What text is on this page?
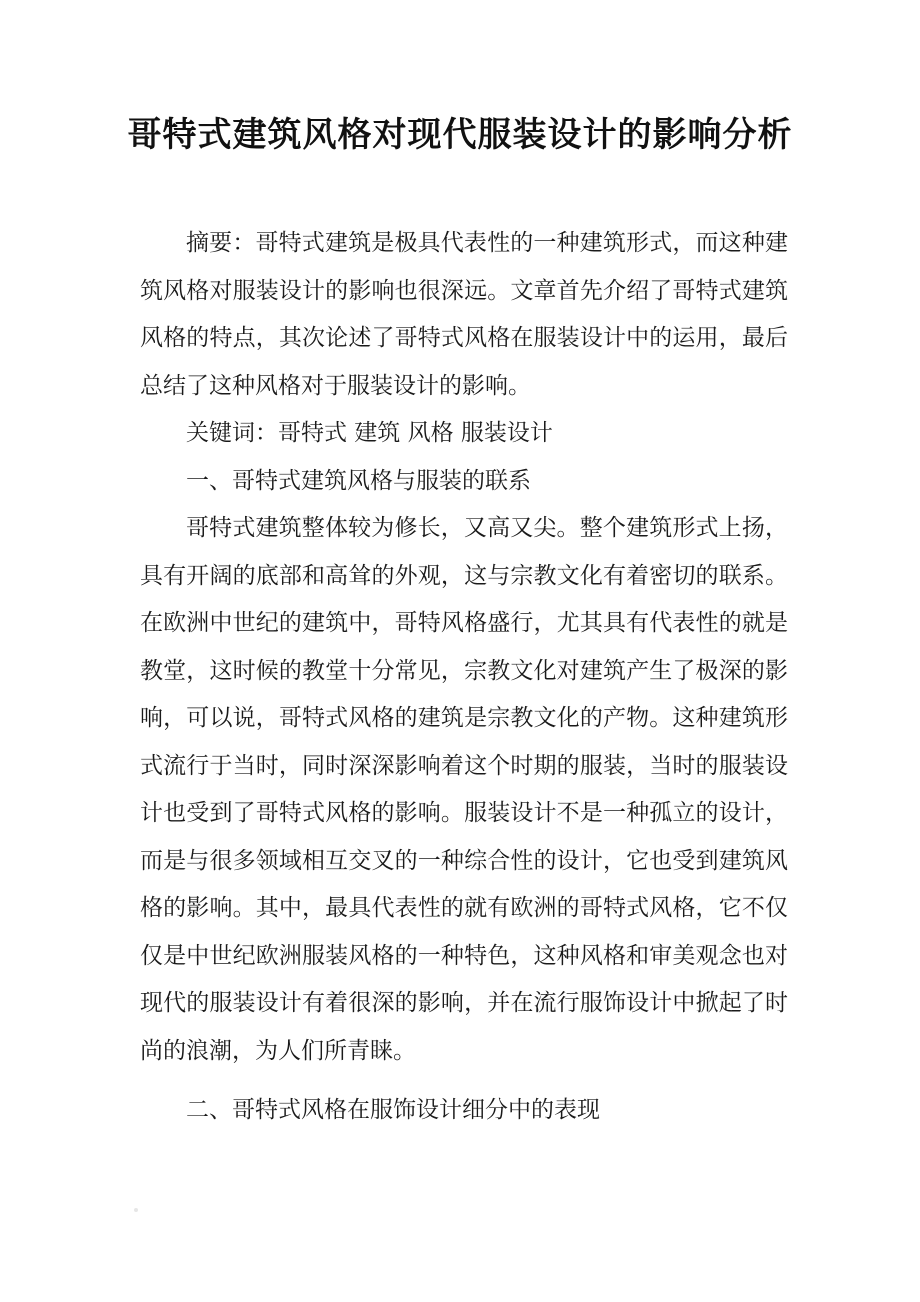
哥特式建筑风格对现代服装设计的影响分析

摘要：哥特式建筑是极具代表性的一种建筑形式，而这种建筑风格对服装设计的影响也很深远。文章首先介绍了哥特式建筑风格的特点，其次论述了哥特式风格在服装设计中的运用，最后总结了这种风格对于服装设计的影响。

关键词：哥特式 建筑 风格 服装设计

一、哥特式建筑风格与服装的联系

哥特式建筑整体较为修长，又高又尖。整个建筑形式上扬，具有开阔的底部和高耸的外观，这与宗教文化有着密切的联系。在欧洲中世纪的建筑中，哥特风格盛行，尤其具有代表性的就是教堂，这时候的教堂十分常见，宗教文化对建筑产生了极深的影响，可以说，哥特式风格的建筑是宗教文化的产物。这种建筑形式流行于当时，同时深深影响着这个时期的服装，当时的服装设计也受到了哥特式风格的影响。服装设计不是一种孤立的设计，而是与很多领域相互交叉的一种综合性的设计，它也受到建筑风格的影响。其中，最具代表性的就有欧洲的哥特式风格，它不仅仅是中世纪欧洲服装风格的一种特色，这种风格和审美观念也对现代的服装设计有着很深的影响，并在流行服饰设计中掀起了时尚的浪潮，为人们所青睐。

二、哥特式风格在服饰设计细分中的表现
